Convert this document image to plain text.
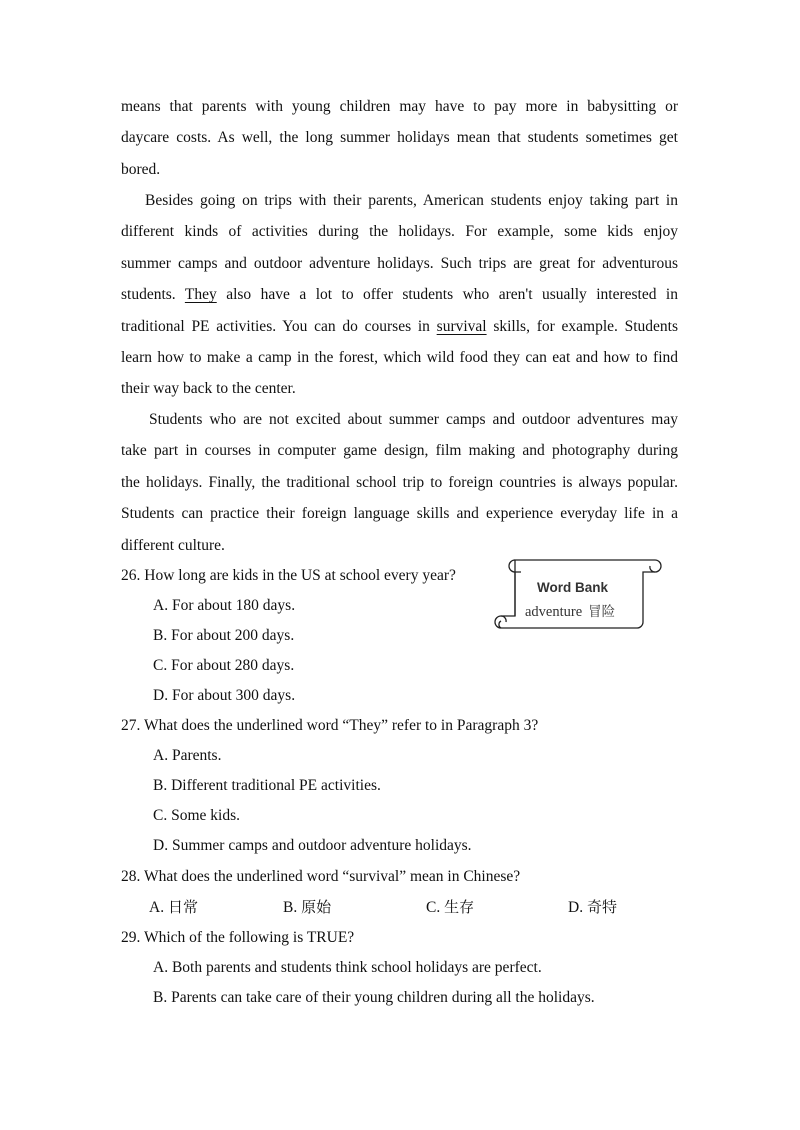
means that parents with young children may have to pay more in babysitting or
daycare costs. As well, the long summer holidays mean that students sometimes get
bored.
Besides going on trips with their parents, American students enjoy taking part in
different kinds of activities during the holidays. For example, some kids enjoy
summer camps and outdoor adventure holidays. Such trips are great for adventurous
students. They also have a lot to offer students who aren't usually interested in
traditional PE activities. You can do courses in survival skills, for example. Students
learn how to make a camp in the forest, which wild food they can eat and how to find
their way back to the center.
Students who are not excited about summer camps and outdoor adventures may
take part in courses in computer game design, film making and photography during
the holidays. Finally, the traditional school trip to foreign countries is always popular.
Students can practice their foreign language skills and experience everyday life in a
different culture.
Word Bank
adventure 冒险
26. How long are kids in the US at school every year?
A. For about 180 days.
B. For about 200 days.
C. For about 280 days.
D. For about 300 days.
27. What does the underlined word “They” refer to in Paragraph 3?
A. Parents.
B. Different traditional PE activities.
C. Some kids.
D. Summer camps and outdoor adventure holidays.
28. What does the underlined word “survival” mean in Chinese?
A. 日常	B. 原始	C. 生存	D. 奇特
29. Which of the following is TRUE?
A. Both parents and students think school holidays are perfect.
B. Parents can take care of their young children during all the holidays.
